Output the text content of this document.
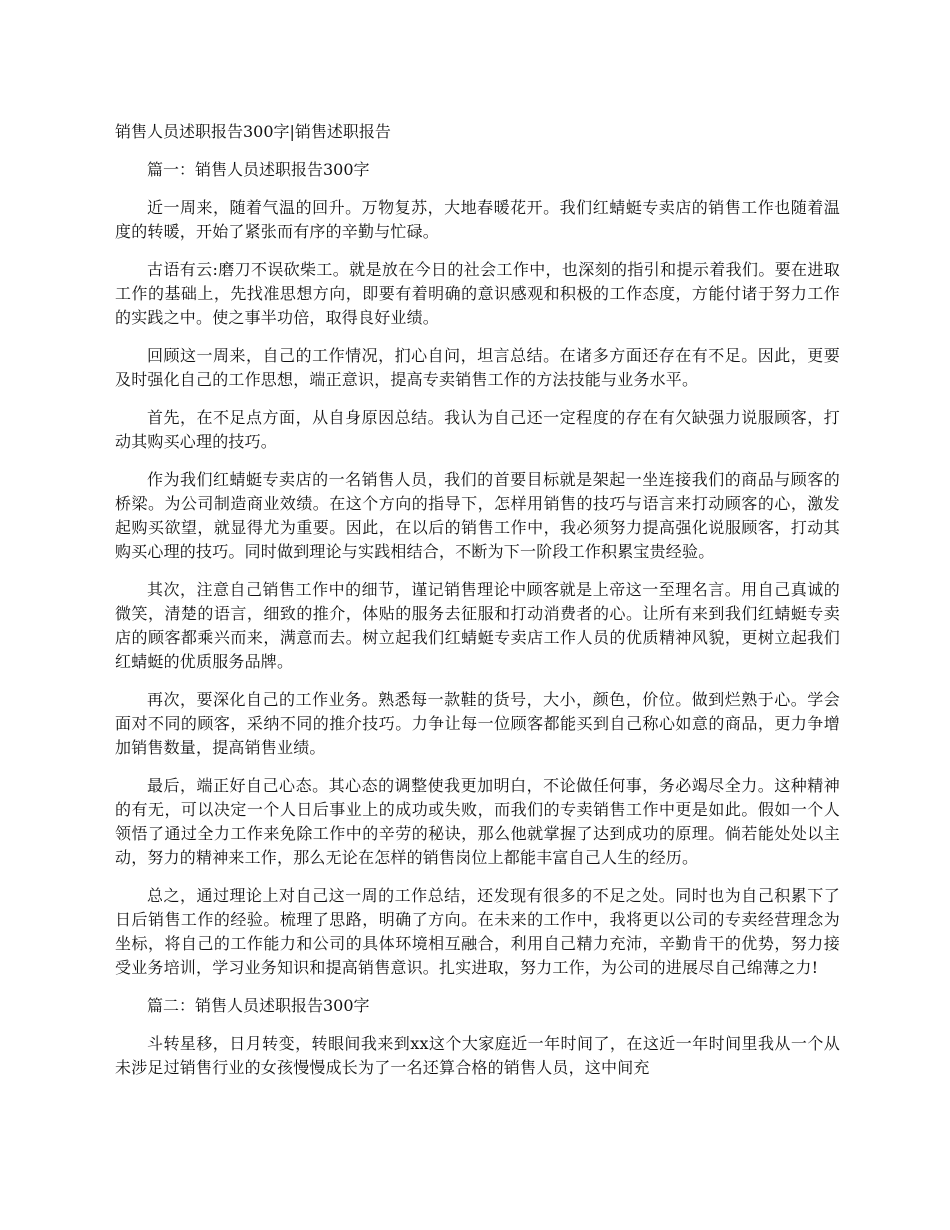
销售人员述职报告300字|销售述职报告

篇一：销售人员述职报告300字

近一周来，随着气温的回升。万物复苏，大地春暖花开。我们红蜻蜓专卖店的销售工作也随着温度的转暖，开始了紧张而有序的辛勤与忙碌。

古语有云:磨刀不误砍柴工。就是放在今日的社会工作中，也深刻的指引和提示着我们。要在进取工作的基础上，先找准思想方向，即要有着明确的意识感观和积极的工作态度，方能付诸于努力工作的实践之中。使之事半功倍，取得良好业绩。

回顾这一周来，自己的工作情况，扪心自问，坦言总结。在诸多方面还存在有不足。因此，更要及时强化自己的工作思想，端正意识，提高专卖销售工作的方法技能与业务水平。

首先，在不足点方面，从自身原因总结。我认为自己还一定程度的存在有欠缺强力说服顾客，打动其购买心理的技巧。

作为我们红蜻蜓专卖店的一名销售人员，我们的首要目标就是架起一坐连接我们的商品与顾客的桥梁。为公司制造商业效绩。在这个方向的指导下，怎样用销售的技巧与语言来打动顾客的心，激发起购买欲望，就显得尤为重要。因此，在以后的销售工作中，我必须努力提高强化说服顾客，打动其购买心理的技巧。同时做到理论与实践相结合，不断为下一阶段工作积累宝贵经验。

其次，注意自己销售工作中的细节，谨记销售理论中顾客就是上帝这一至理名言。用自己真诚的微笑，清楚的语言，细致的推介，体贴的服务去征服和打动消费者的心。让所有来到我们红蜻蜓专卖店的顾客都乘兴而来，满意而去。树立起我们红蜻蜓专卖店工作人员的优质精神风貌，更树立起我们红蜻蜓的优质服务品牌。

再次，要深化自己的工作业务。熟悉每一款鞋的货号，大小，颜色，价位。做到烂熟于心。学会面对不同的顾客，采纳不同的推介技巧。力争让每一位顾客都能买到自己称心如意的商品，更力争增加销售数量，提高销售业绩。

最后，端正好自己心态。其心态的调整使我更加明白，不论做任何事，务必竭尽全力。这种精神的有无，可以决定一个人日后事业上的成功或失败，而我们的专卖销售工作中更是如此。假如一个人领悟了通过全力工作来免除工作中的辛劳的秘诀，那么他就掌握了达到成功的原理。倘若能处处以主动，努力的精神来工作，那么无论在怎样的销售岗位上都能丰富自己人生的经历。

总之，通过理论上对自己这一周的工作总结，还发现有很多的不足之处。同时也为自己积累下了日后销售工作的经验。梳理了思路，明确了方向。在未来的工作中，我将更以公司的专卖经营理念为坐标，将自己的工作能力和公司的具体环境相互融合，利用自己精力充沛，辛勤肯干的优势，努力接受业务培训，学习业务知识和提高销售意识。扎实进取，努力工作，为公司的进展尽自己绵薄之力!

篇二：销售人员述职报告300字

斗转星移，日月转变，转眼间我来到xx这个大家庭近一年时间了，在这近一年时间里我从一个从未涉足过销售行业的女孩慢慢成长为了一名还算合格的销售人员，这中间充
